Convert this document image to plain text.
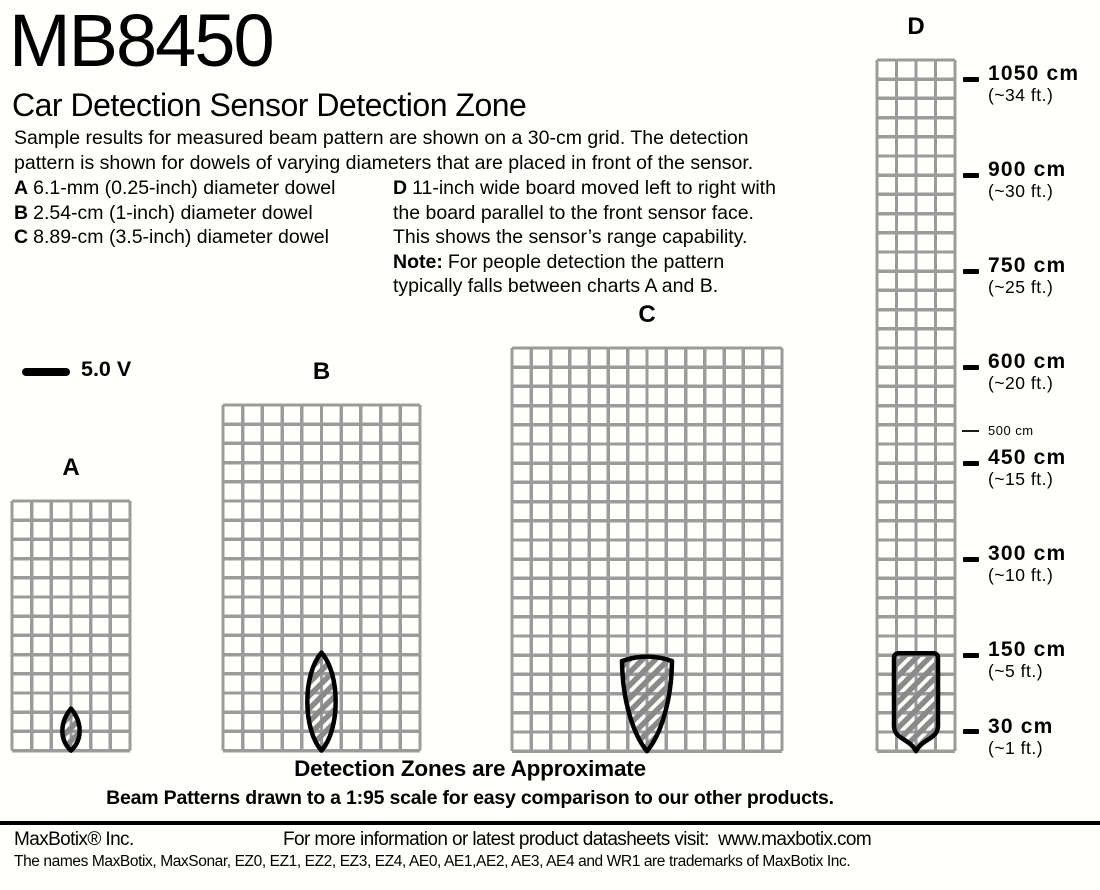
MB8450
Car Detection Sensor Detection Zone
Sample results for measured beam pattern are shown on a 30-cm grid. The detection
pattern is shown for dowels of varying diameters that are placed in front of the sensor.
A 6.1-mm (0.25-inch) diameter dowel
B 2.54-cm (1-inch) diameter dowel
C 8.89-cm (3.5-inch) diameter dowel
D 11-inch wide board moved left to right with
the board parallel to the front sensor face.
This shows the sensor’s range capability.
Note: For people detection the pattern
typically falls between charts A and B.
5.0 V
A
B
C
D
1050 cm
(~34 ft.)
900 cm
(~30 ft.)
750 cm
(~25 ft.)
600 cm
(~20 ft.)
500 cm
450 cm
(~15 ft.)
300 cm
(~10 ft.)
150 cm
(~5 ft.)
30 cm
(~1 ft.)
Detection Zones are Approximate
Beam Patterns drawn to a 1:95 scale for easy comparison to our other products.
MaxBotix® Inc.	For more information or latest product datasheets visit:  www.maxbotix.com
The names MaxBotix, MaxSonar, EZ0, EZ1, EZ2, EZ3, EZ4, AE0, AE1,AE2, AE3, AE4 and WR1 are trademarks of MaxBotix Inc.
